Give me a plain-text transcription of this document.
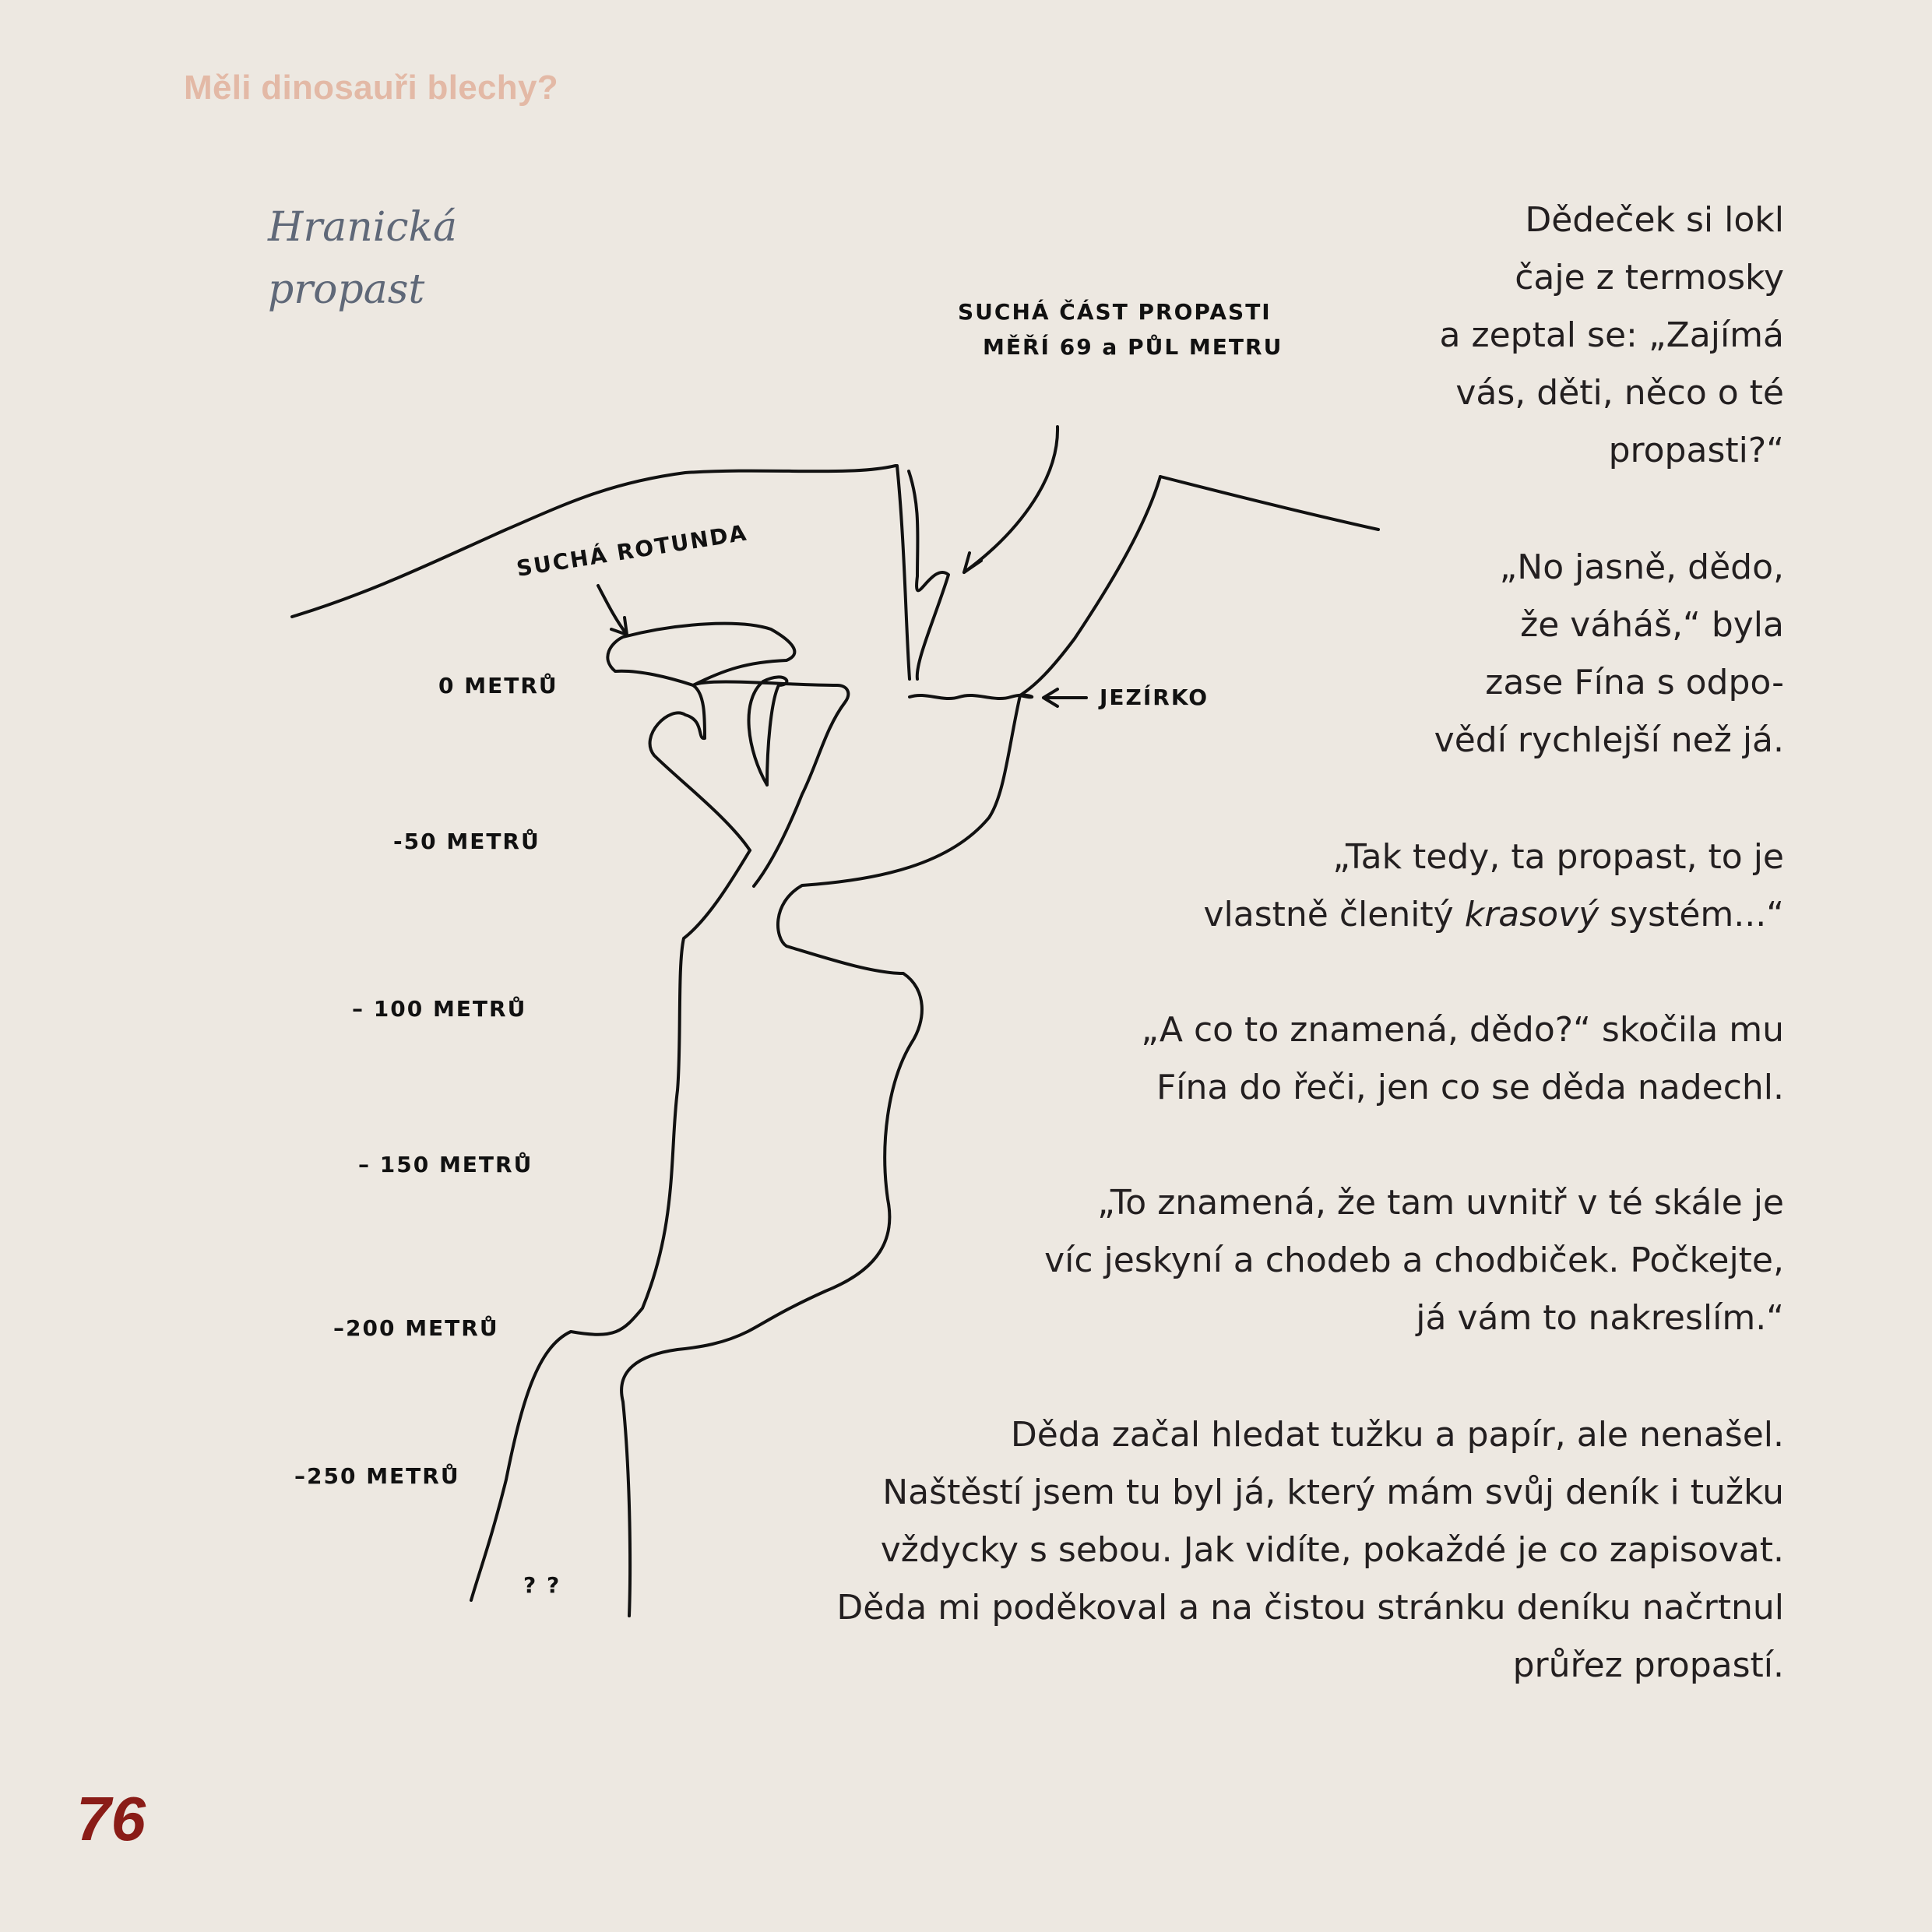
Měli dinosauři blechy?
Hranická
propast	SUCHÁ ČÁST PROPASTI
MĚŘÍ 69 a PŮL METRU
SUCHÁ ROTUNDA
JEZÍRKO
0 METRŮ
-50 METRŮ
– 100 METRŮ
– 150 METRŮ
–200 METRŮ
–250 METRŮ
? ?
Dědeček si lokl
čaje z termosky
a zeptal se: „Zajímá
vás, děti, něco o té
propasti?“
„No jasně, dědo,
že váháš,“ byla
zase Fína s odpo-
vědí rychlejší než já.
„Tak tedy, ta propast, to je
vlastně členitý krasový systém...“
„A co to znamená, dědo?“ skočila mu
Fína do řeči, jen co se děda nadechl.
„To znamená, že tam uvnitř v té skále je
víc jeskyní a chodeb a chodbiček. Počkejte,
já vám to nakreslím.“
Děda začal hledat tužku a papír, ale nenašel.
Naštěstí jsem tu byl já, který mám svůj deník i tužku
vždycky s sebou. Jak vidíte, pokaždé je co zapisovat.
Děda mi poděkoval a na čistou stránku deníku načrtnul
průřez propastí.
76
